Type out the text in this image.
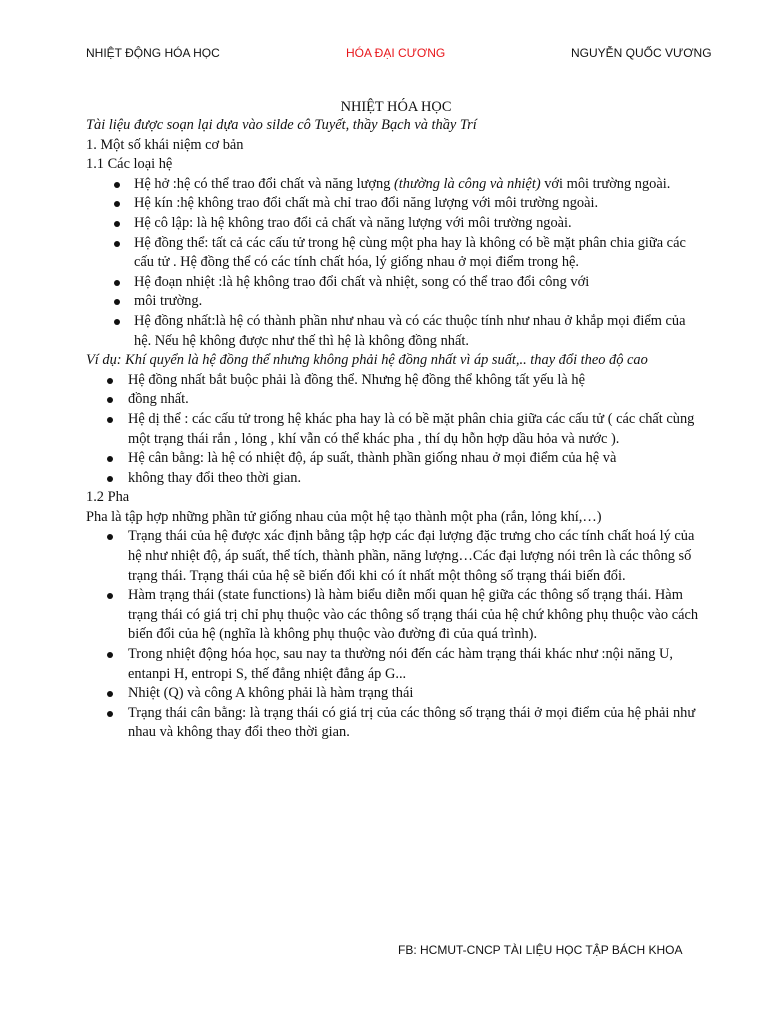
NHIỆT ĐỘNG HÓA HỌC	HÓA ĐẠI CƯƠNG	NGUYỄN QUỐC VƯƠNG

NHIỆT HÓA HỌC

Tài liệu được soạn lại dựa vào silde cô Tuyết, thầy Bạch và thầy Trí

1. Một số khái niệm cơ bản

1.1 Các loại hệ

Hệ hở :hệ có thể trao đổi chất và năng lượng (thường là công và nhiệt) với môi trường ngoài.
Hệ kín :hệ không trao đổi chất mà chỉ trao đổi năng lượng với môi trường ngoài.
Hệ cô lập: là hệ không trao đổi cả chất và năng lượng với môi trường ngoài.
Hệ đồng thể: tất cả các cấu tử trong hệ cùng một pha hay là không có bề mặt phân chia giữa các cấu tử . Hệ đồng thể có các tính chất hóa, lý giống nhau ở mọi điểm trong hệ.
Hệ đoạn nhiệt :là hệ không trao đổi chất và nhiệt, song có thể trao đổi công với
môi trường.
Hệ đồng nhất:là hệ có thành phần như nhau và có các thuộc tính như nhau ở khắp mọi điểm của hệ. Nếu hệ không được như thế thì hệ là không đồng nhất.

Ví dụ: Khí quyển là hệ đồng thể nhưng không phải hệ đồng nhất vì áp suất,.. thay đổi theo độ cao

Hệ đồng nhất bắt buộc phải là đồng thể. Nhưng hệ đồng thể không tất yếu là hệ
đồng nhất.
Hệ dị thể : các cấu tử trong hệ khác pha hay là có bề mặt phân chia giữa các cấu tử ( các chất cùng một trạng thái rắn , lỏng , khí vẫn có thể khác pha , thí dụ hỗn hợp dầu hỏa và nước ).
Hệ cân bằng: là hệ có nhiệt độ, áp suất, thành phần giống nhau ở mọi điểm của hệ và
không thay đổi theo thời gian.

1.2 Pha

Pha là tập hợp những phần tử giống nhau của một hệ tạo thành một pha (rắn, lỏng khí,…)

Trạng thái của hệ được xác định bằng tập hợp các đại lượng đặc trưng cho các tính chất hoá lý của hệ như nhiệt độ, áp suất, thể tích, thành phần, năng lượng…Các đại lượng nói trên là các thông số trạng thái. Trạng thái của hệ sẽ biến đổi khi có ít nhất một thông số trạng thái biến đổi.
Hàm trạng thái (state functions) là hàm biểu diễn mối quan hệ giữa các thông số trạng thái. Hàm trạng thái có giá trị chỉ phụ thuộc vào các thông số trạng thái của hệ chứ không phụ thuộc vào cách biến đổi của hệ (nghĩa là không phụ thuộc vào đường đi của quá trình).
Trong nhiệt động hóa học, sau nay ta thường nói đến các hàm trạng thái khác như :nội năng U, entanpi H, entropi S, thế đẳng nhiệt đẳng áp G...
Nhiệt (Q) và công A không phải là hàm trạng thái
Trạng thái cân bằng: là trạng thái có giá trị của các thông số trạng thái ở mọi điểm của hệ phải như nhau và không thay đổi theo thời gian.
FB: HCMUT-CNCP TÀI LIỆU HỌC TẬP BÁCH KHOA
